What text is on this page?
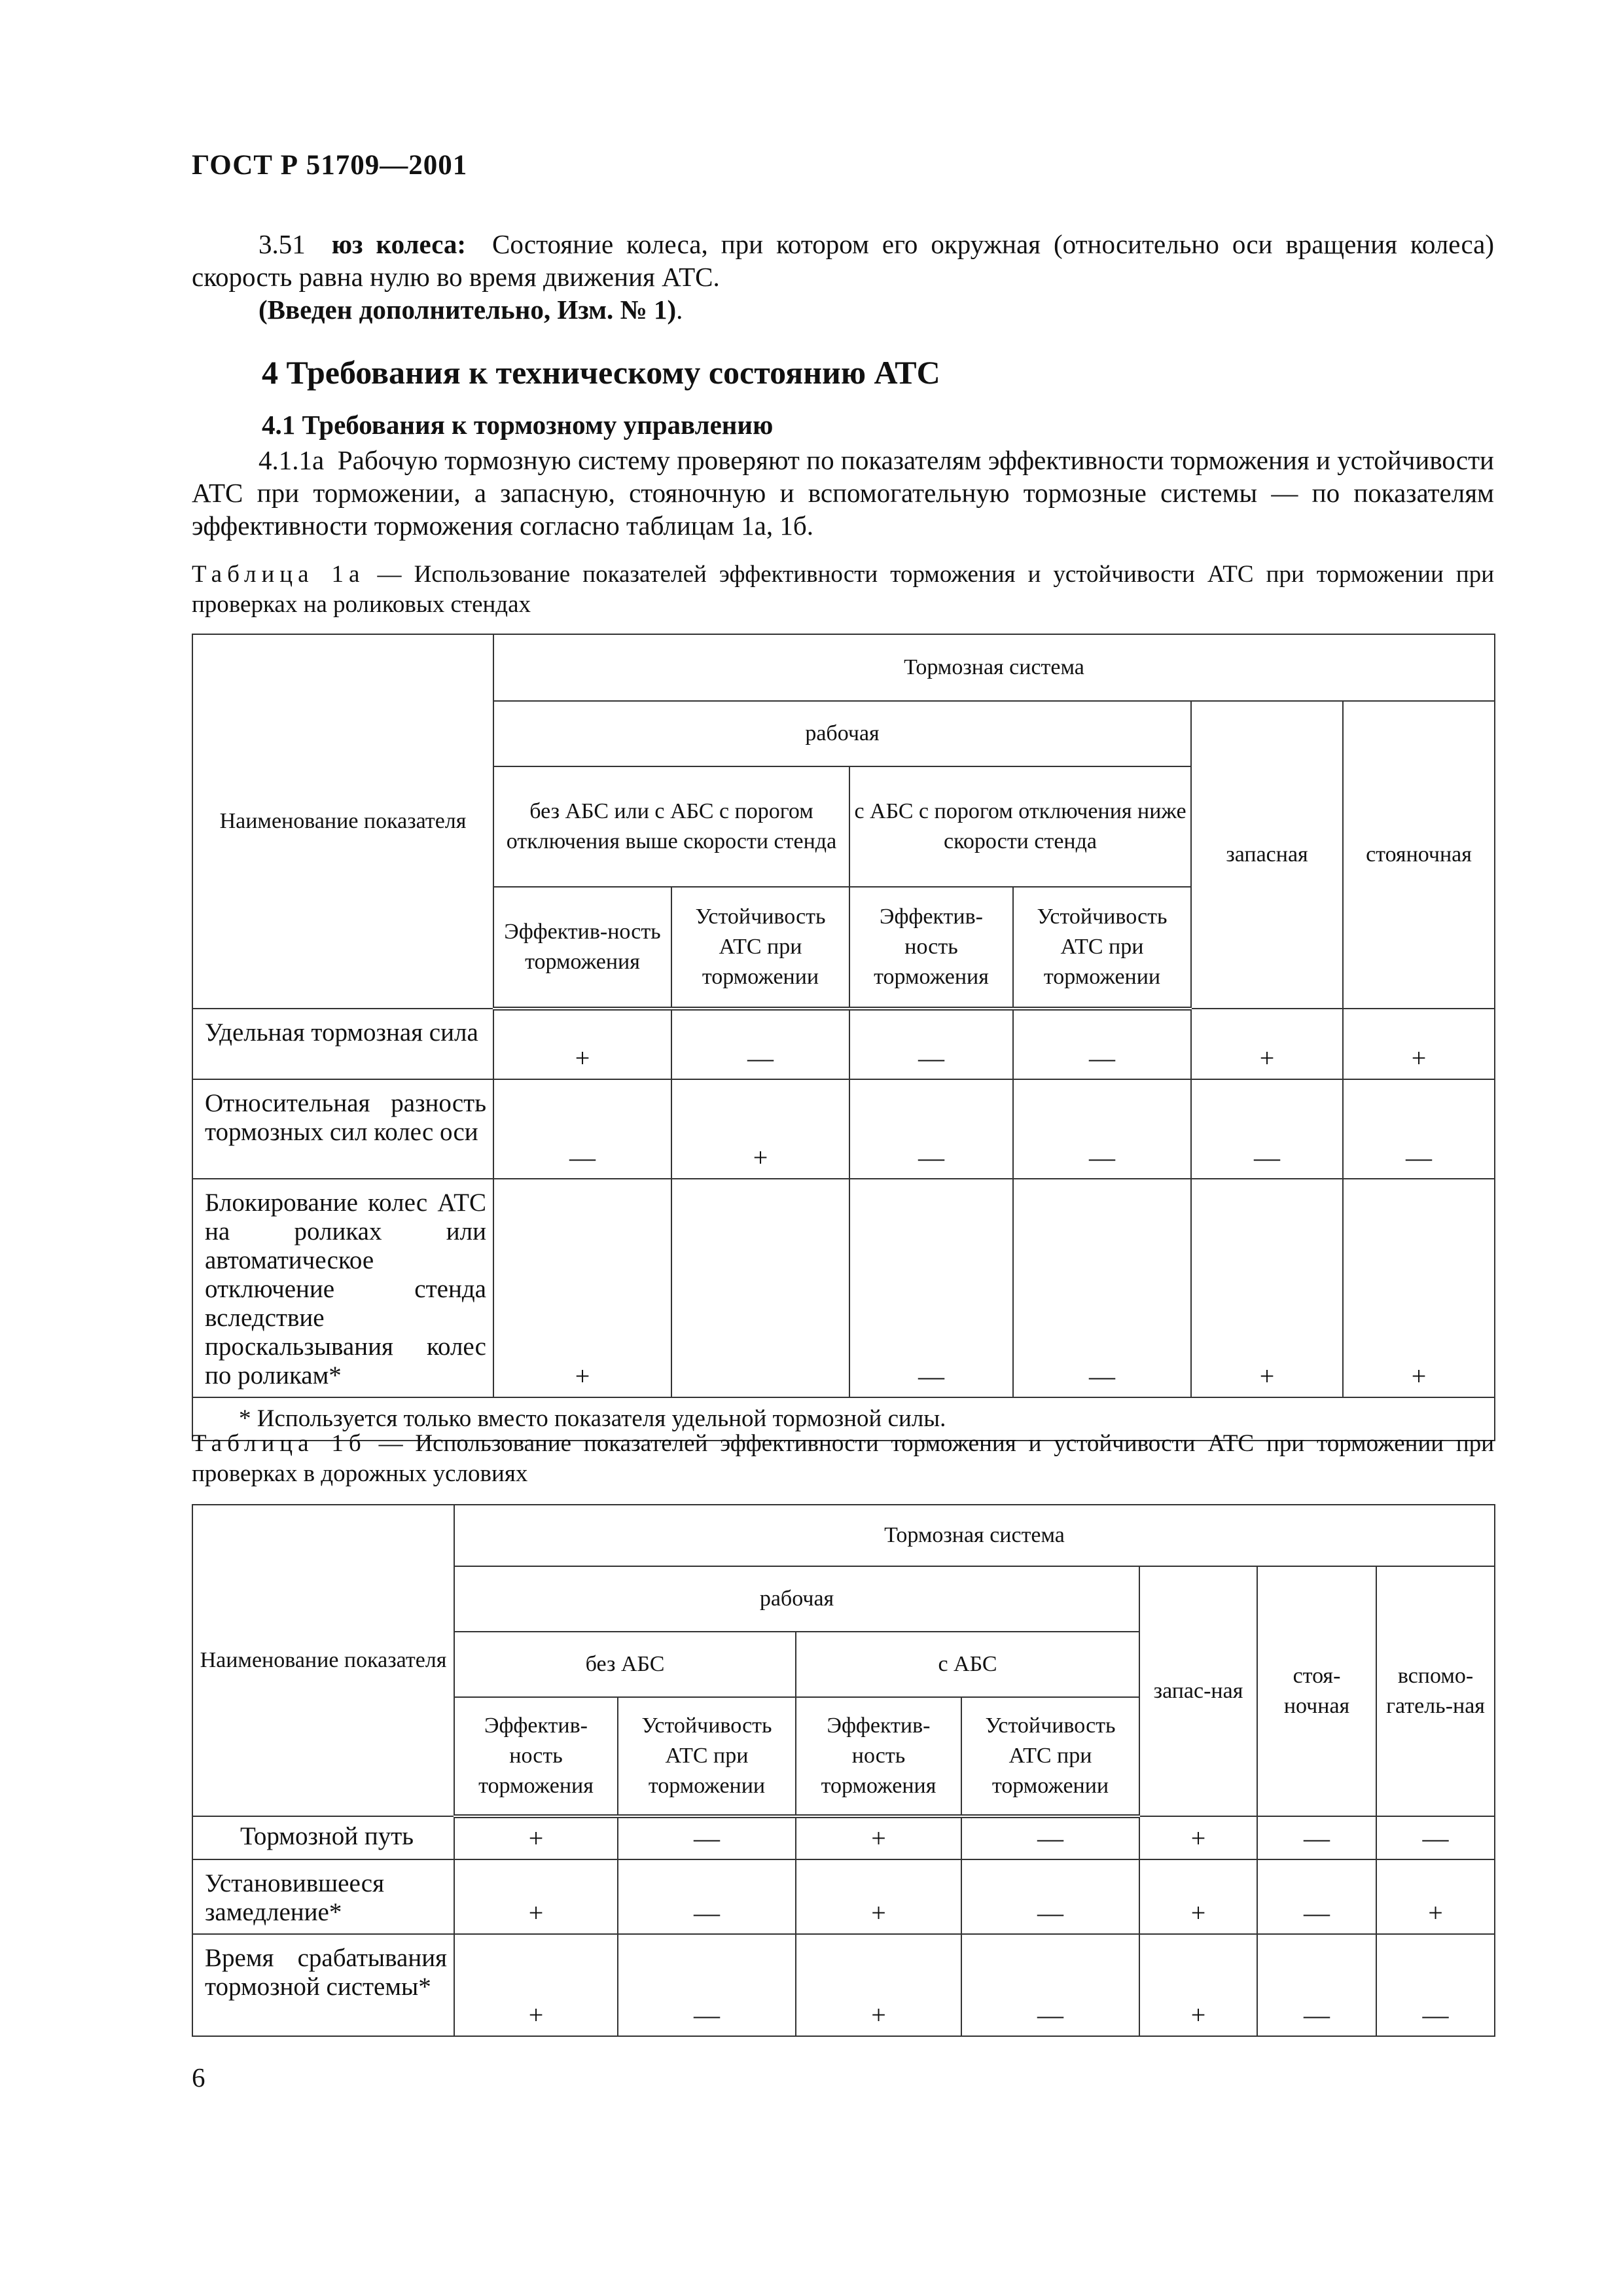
ГОСТ Р 51709—2001
3.51 юз колеса: Состояние колеса, при котором его окружная (относительно оси вращения колеса) скорость равна нулю во время движения АТС.
(Введен дополнительно, Изм. № 1).
4 Требования к техническому состоянию АТС
4.1 Требования к тормозному управлению
4.1.1а Рабочую тормозную систему проверяют по показателям эффективности торможения и устойчивости АТС при торможении, а запасную, стояночную и вспомогательную тормозные системы — по показателям эффективности торможения согласно таблицам 1а, 1б.
Таблица 1а — Использование показателей эффективности торможения и устойчивости АТС при торможении при проверках на роликовых стендах
Наименование показателя	Тормозная система					
	рабочая				запасная	стояночная
	без АБС или с АБС с порогом отключения выше скорости стенда		с АБС с порогом отключения ниже скорости стенда			
	Эффектив-ность торможения	Устойчивость АТС при торможении	Эффектив-ность торможения	Устойчивость АТС при торможении		
Удельная тормозная сила	+	—	—	—	+	+
Относительная разность тормозных сил колес оси	—	+	—	—	—	—
Блокирование колес АТС на роликах или автоматическое отключение стенда вследствие проскальзывания колес по роликам*	+		—	—	+	+
* Используется только вместо показателя удельной тормозной силы.						
Таблица 1б — Использование показателей эффективности торможения и устойчивости АТС при торможении при проверках в дорожных условиях
Наименование показателя	Тормозная система						
	рабочая				запас-ная	стоя-ночная	вспомо-гатель-ная
	без АБС		с АБС				
	Эффектив-ность торможения	Устойчивость АТС при торможении	Эффектив-ность торможения	Устойчивость АТС при торможении			
Тормозной путь	+	—	+	—	+	—	—
Установившееся замедление*	+	—	+	—	+	—	+
Время срабатывания тормозной системы*	+	—	+	—	+	—	—
6
